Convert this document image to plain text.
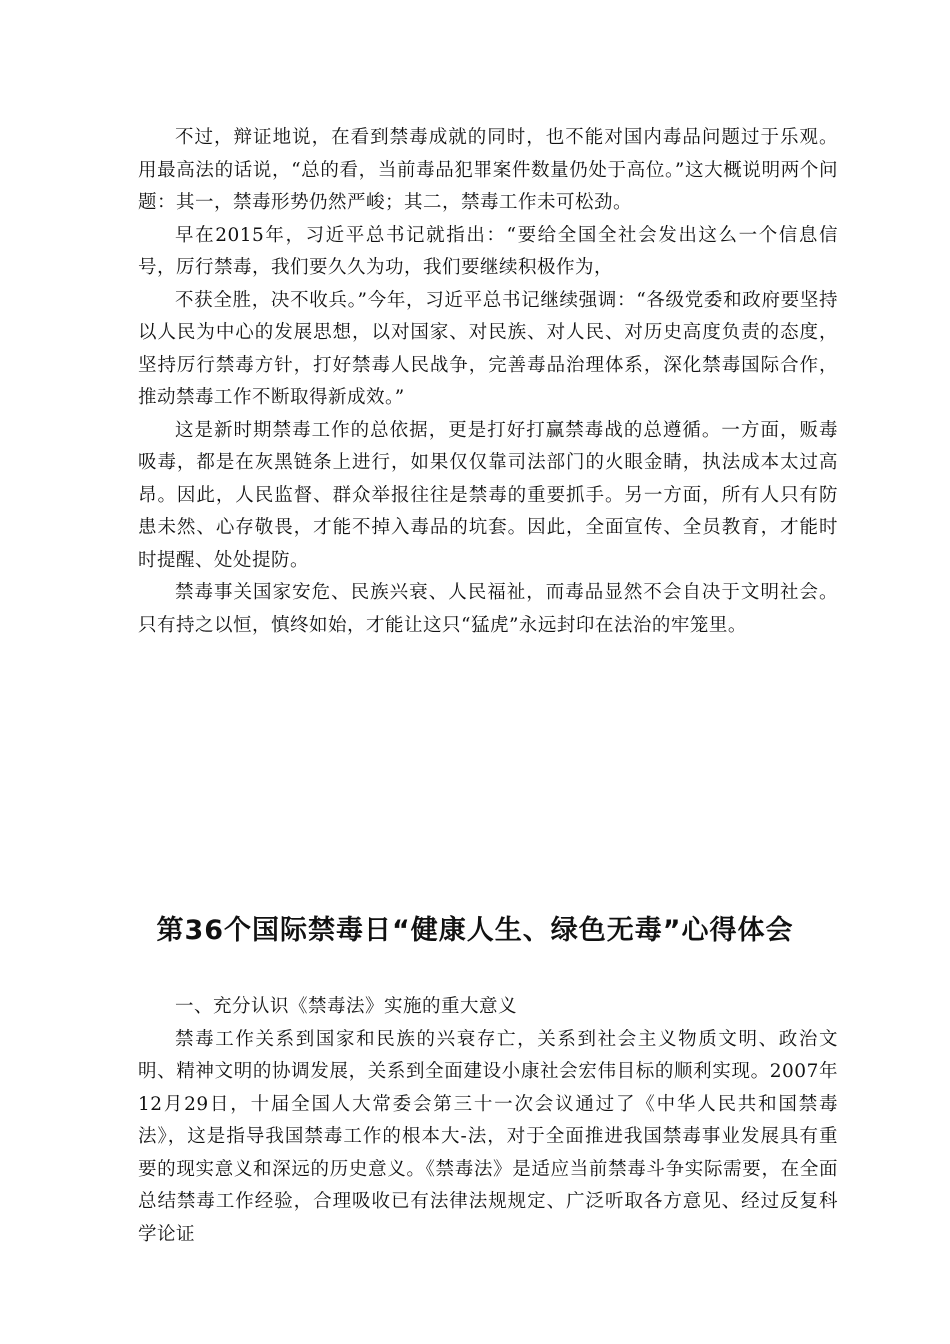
不过，辩证地说，在看到禁毒成就的同时，也不能对国内毒品问题过于乐观。用最高法的话说，“总的看，当前毒品犯罪案件数量仍处于高位。”这大概说明两个问题：其一，禁毒形势仍然严峻；其二，禁毒工作未可松劲。

早在2015年，习近平总书记就指出：“要给全国全社会发出这么一个信息信号，厉行禁毒，我们要久久为功，我们要继续积极作为，

不获全胜，决不收兵。”今年，习近平总书记继续强调：“各级党委和政府要坚持以人民为中心的发展思想，以对国家、对民族、对人民、对历史高度负责的态度，坚持厉行禁毒方针，打好禁毒人民战争，完善毒品治理体系，深化禁毒国际合作，推动禁毒工作不断取得新成效。”

这是新时期禁毒工作的总依据，更是打好打赢禁毒战的总遵循。一方面，贩毒吸毒，都是在灰黑链条上进行，如果仅仅靠司法部门的火眼金睛，执法成本太过高昂。因此，人民监督、群众举报往往是禁毒的重要抓手。另一方面，所有人只有防患未然、心存敬畏，才能不掉入毒品的坑套。因此，全面宣传、全员教育，才能时时提醒、处处提防。

禁毒事关国家安危、民族兴衰、人民福祉，而毒品显然不会自决于文明社会。只有持之以恒，慎终如始，才能让这只“猛虎”永远封印在法治的牢笼里。

第36个国际禁毒日“健康人生、绿色无毒”心得体会

一、充分认识《禁毒法》实施的重大意义

禁毒工作关系到国家和民族的兴衰存亡，关系到社会主义物质文明、政治文明、精神文明的协调发展，关系到全面建设小康社会宏伟目标的顺利实现。2007年12月29日，十届全国人大常委会第三十一次会议通过了《中华人民共和国禁毒法》，这是指导我国禁毒工作的根本大-法，对于全面推进我国禁毒事业发展具有重要的现实意义和深远的历史意义。《禁毒法》是适应当前禁毒斗争实际需要，在全面总结禁毒工作经验，合理吸收已有法律法规规定、广泛听取各方意见、经过反复科学论证
